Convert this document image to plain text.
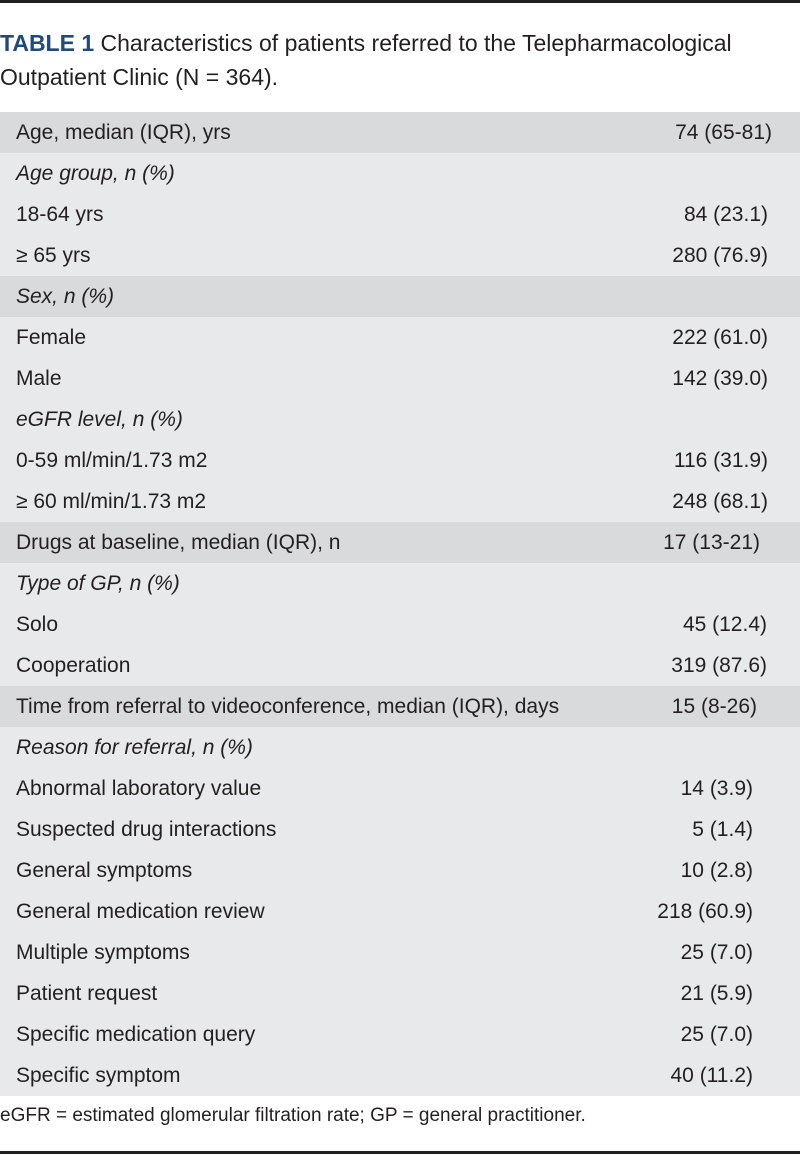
TABLE 1 Characteristics of patients referred to the Telepharmacological Outpatient Clinic (N = 364).
Age, median (IQR), yrs	74 (65-81)
Age group, n (%)	
18-64 yrs	84 (23.1)
≥ 65 yrs	280 (76.9)
Sex, n (%)	
Female	222 (61.0)
Male	142 (39.0)
eGFR level, n (%)	
0-59 ml/min/1.73 m2	116 (31.9)
≥ 60 ml/min/1.73 m2	248 (68.1)
Drugs at baseline, median (IQR), n	17 (13-21)
Type of GP, n (%)	
Solo	45 (12.4)
Cooperation	319 (87.6)
Time from referral to videoconference, median (IQR), days	15 (8-26)
Reason for referral, n (%)	
Abnormal laboratory value	14 (3.9)
Suspected drug interactions	5 (1.4)
General symptoms	10 (2.8)
General medication review	218 (60.9)
Multiple symptoms	25 (7.0)
Patient request	21 (5.9)
Specific medication query	25 (7.0)
Specific symptom	40 (11.2)
eGFR = estimated glomerular filtration rate; GP = general practitioner.
